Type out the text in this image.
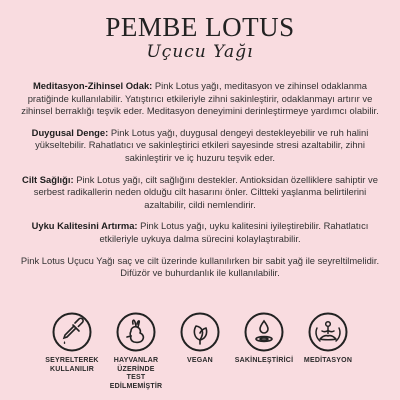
PEMBE LOTUS
Uçucu Yağı

Meditasyon-Zihinsel Odak: Pink Lotus yağı, meditasyon ve zihinsel odaklanma pratiğinde kullanılabilir. Yatıştırıcı etkileriyle zihni sakinleştirir, odaklanmayı artırır ve zihinsel berraklığı teşvik eder. Meditasyon deneyimini derinleştirmeye yardımcı olabilir.

Duygusal Denge: Pink Lotus yağı, duygusal dengeyi destekleyebilir ve ruh halini yükseltebilir. Rahatlatıcı ve sakinleştirici etkileri sayesinde stresi azaltabilir, zihni sakinleştirir ve iç huzuru teşvik eder.

Cilt Sağlığı: Pink Lotus yağı, cilt sağlığını destekler. Antioksidan özelliklere sahiptir ve serbest radikallerin neden olduğu cilt hasarını önler. Ciltteki yaşlanma belirtilerini azaltabilir, cildi nemlendirir.

Uyku Kalitesini Artırma: Pink Lotus yağı, uyku kalitesini iyileştirebilir. Rahatlatıcı etkileriyle uykuya dalma sürecini kolaylaştırabilir.

Pink Lotus Uçucu Yağı saç ve cilt üzerinde kullanılırken bir sabit yağ ile seyreltilmelidir.
Difüzör ve buhurdanlık ile kullanılabilir.

SEYRELTEREK
KULLANILIR
HAYVANLAR
ÜZERİNDE TEST
EDİLMEMİŞTİR
VEGAN	SAKİNLEŞTİRİCİ MEDİTASYON
